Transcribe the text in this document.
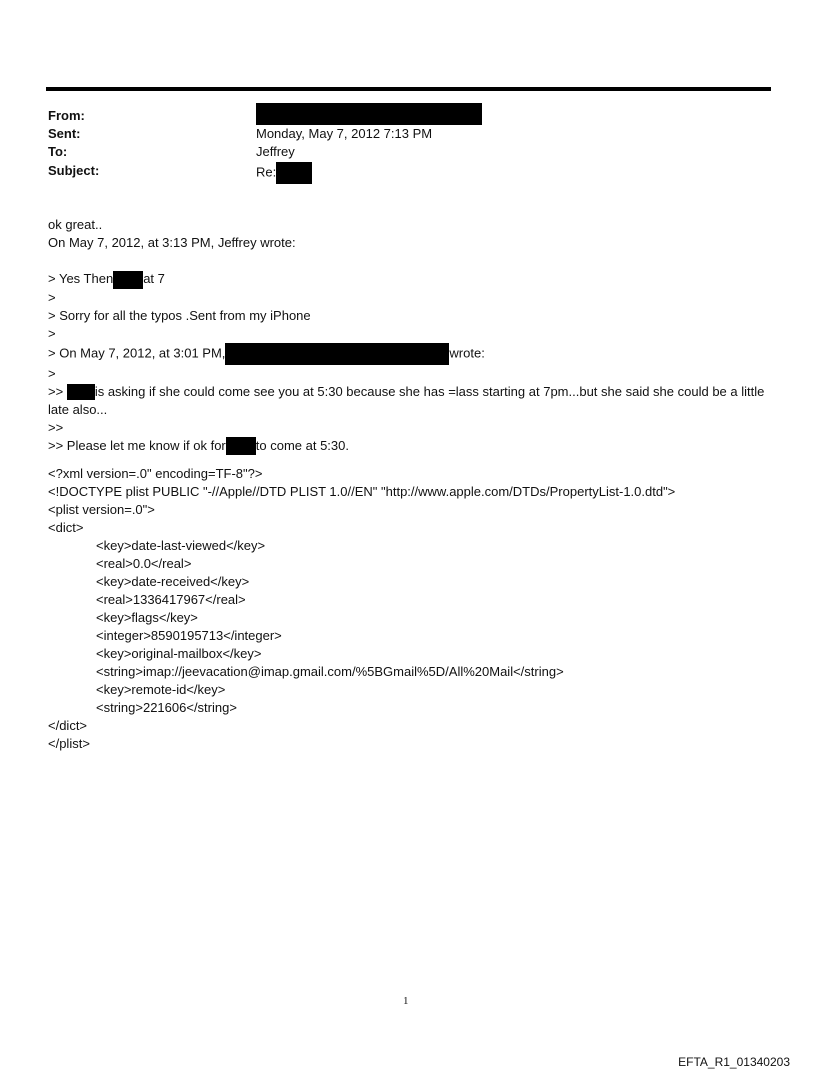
From:
Sent:	Monday, May 7, 2012 7:13 PM
To:	Jeffrey
Subject:	Re:
ok great..
On May 7, 2012, at 3:13 PM, Jeffrey wrote:
> Yes Then at 7
>
> Sorry for all the typos .Sent from my iPhone
>
> On May 7, 2012, at 3:01 PM,	wrote:
>
>> is asking if she could come see you at 5:30 because she has =lass starting at 7pm...but she said she could be a little late also...
>>
>> Please let me know if ok for to come at 5:30.
<?xml version=.0" encoding=TF-8"?>
<!DOCTYPE plist PUBLIC "-//Apple//DTD PLIST 1.0//EN" "http://www.apple.com/DTDs/PropertyList-1.0.dtd">
<plist version=.0">
<dict>
<key>date-last-viewed</key>
<real>0.0</real>
<key>date-received</key>
<real>1336417967</real>
<key>flags</key>
<integer>8590195713</integer>
<key>original-mailbox</key>
<string>imap://jeevacation@imap.gmail.com/%5BGmail%5D/All%20Mail</string>
<key>remote-id</key>
<string>221606</string>
</dict>
</plist>
1
EFTA_R1_01340203
